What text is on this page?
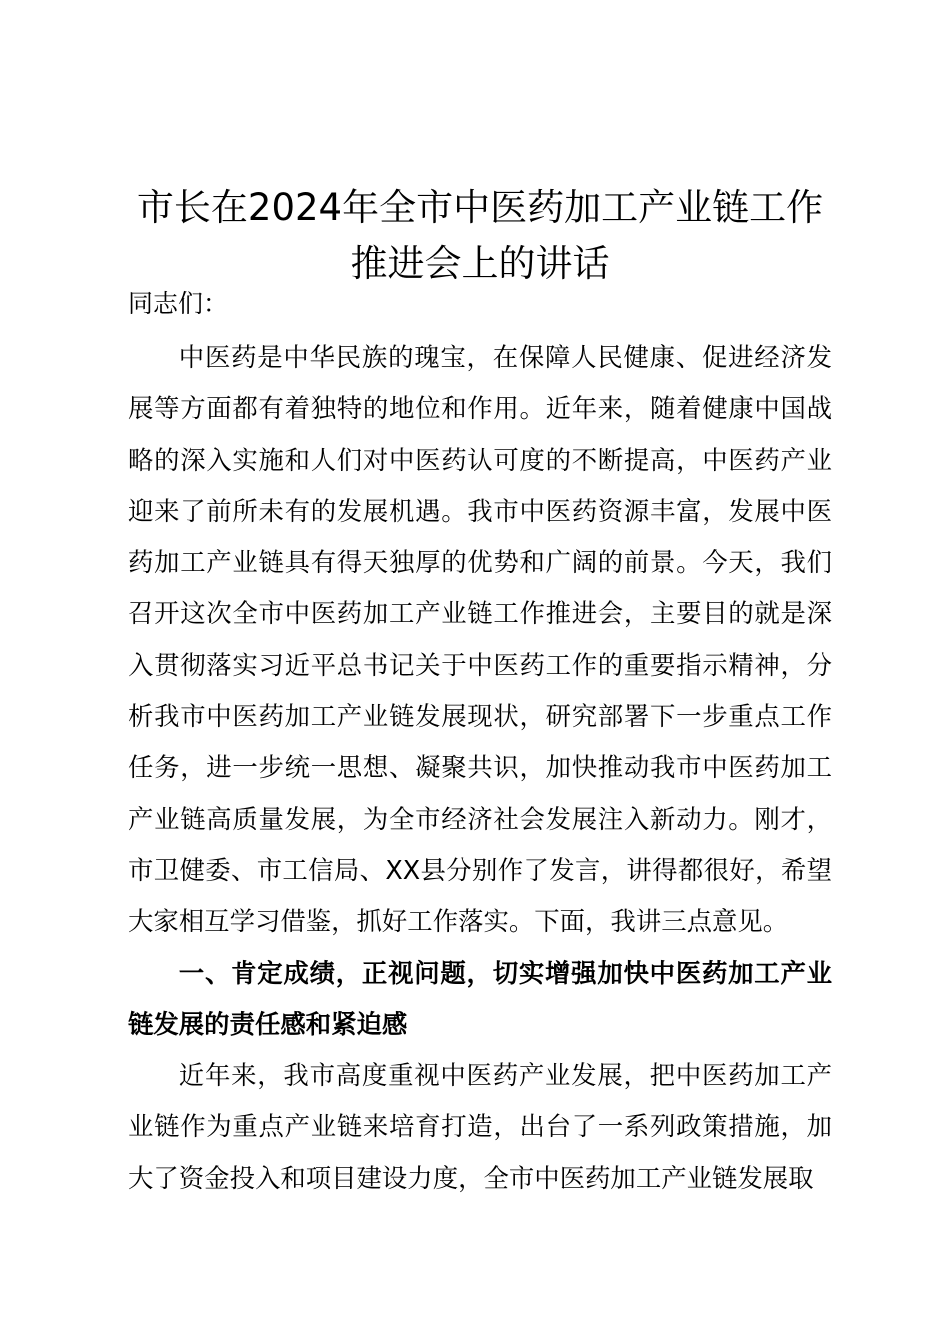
市长在2024年全市中医药加工产业链工作推进会上的讲话

同志们：

中医药是中华民族的瑰宝，在保障人民健康、促进经济发展等方面都有着独特的地位和作用。近年来，随着健康中国战略的深入实施和人们对中医药认可度的不断提高，中医药产业迎来了前所未有的发展机遇。我市中医药资源丰富，发展中医药加工产业链具有得天独厚的优势和广阔的前景。今天，我们召开这次全市中医药加工产业链工作推进会，主要目的就是深入贯彻落实习近平总书记关于中医药工作的重要指示精神，分析我市中医药加工产业链发展现状，研究部署下一步重点工作任务，进一步统一思想、凝聚共识，加快推动我市中医药加工产业链高质量发展，为全市经济社会发展注入新动力。刚才，市卫健委、市工信局、XX县分别作了发言，讲得都很好，希望大家相互学习借鉴，抓好工作落实。下面，我讲三点意见。

一、肯定成绩，正视问题，切实增强加快中医药加工产业链发展的责任感和紧迫感

近年来，我市高度重视中医药产业发展，把中医药加工产业链作为重点产业链来培育打造，出台了一系列政策措施，加大了资金投入和项目建设力度，全市中医药加工产业链发展取
